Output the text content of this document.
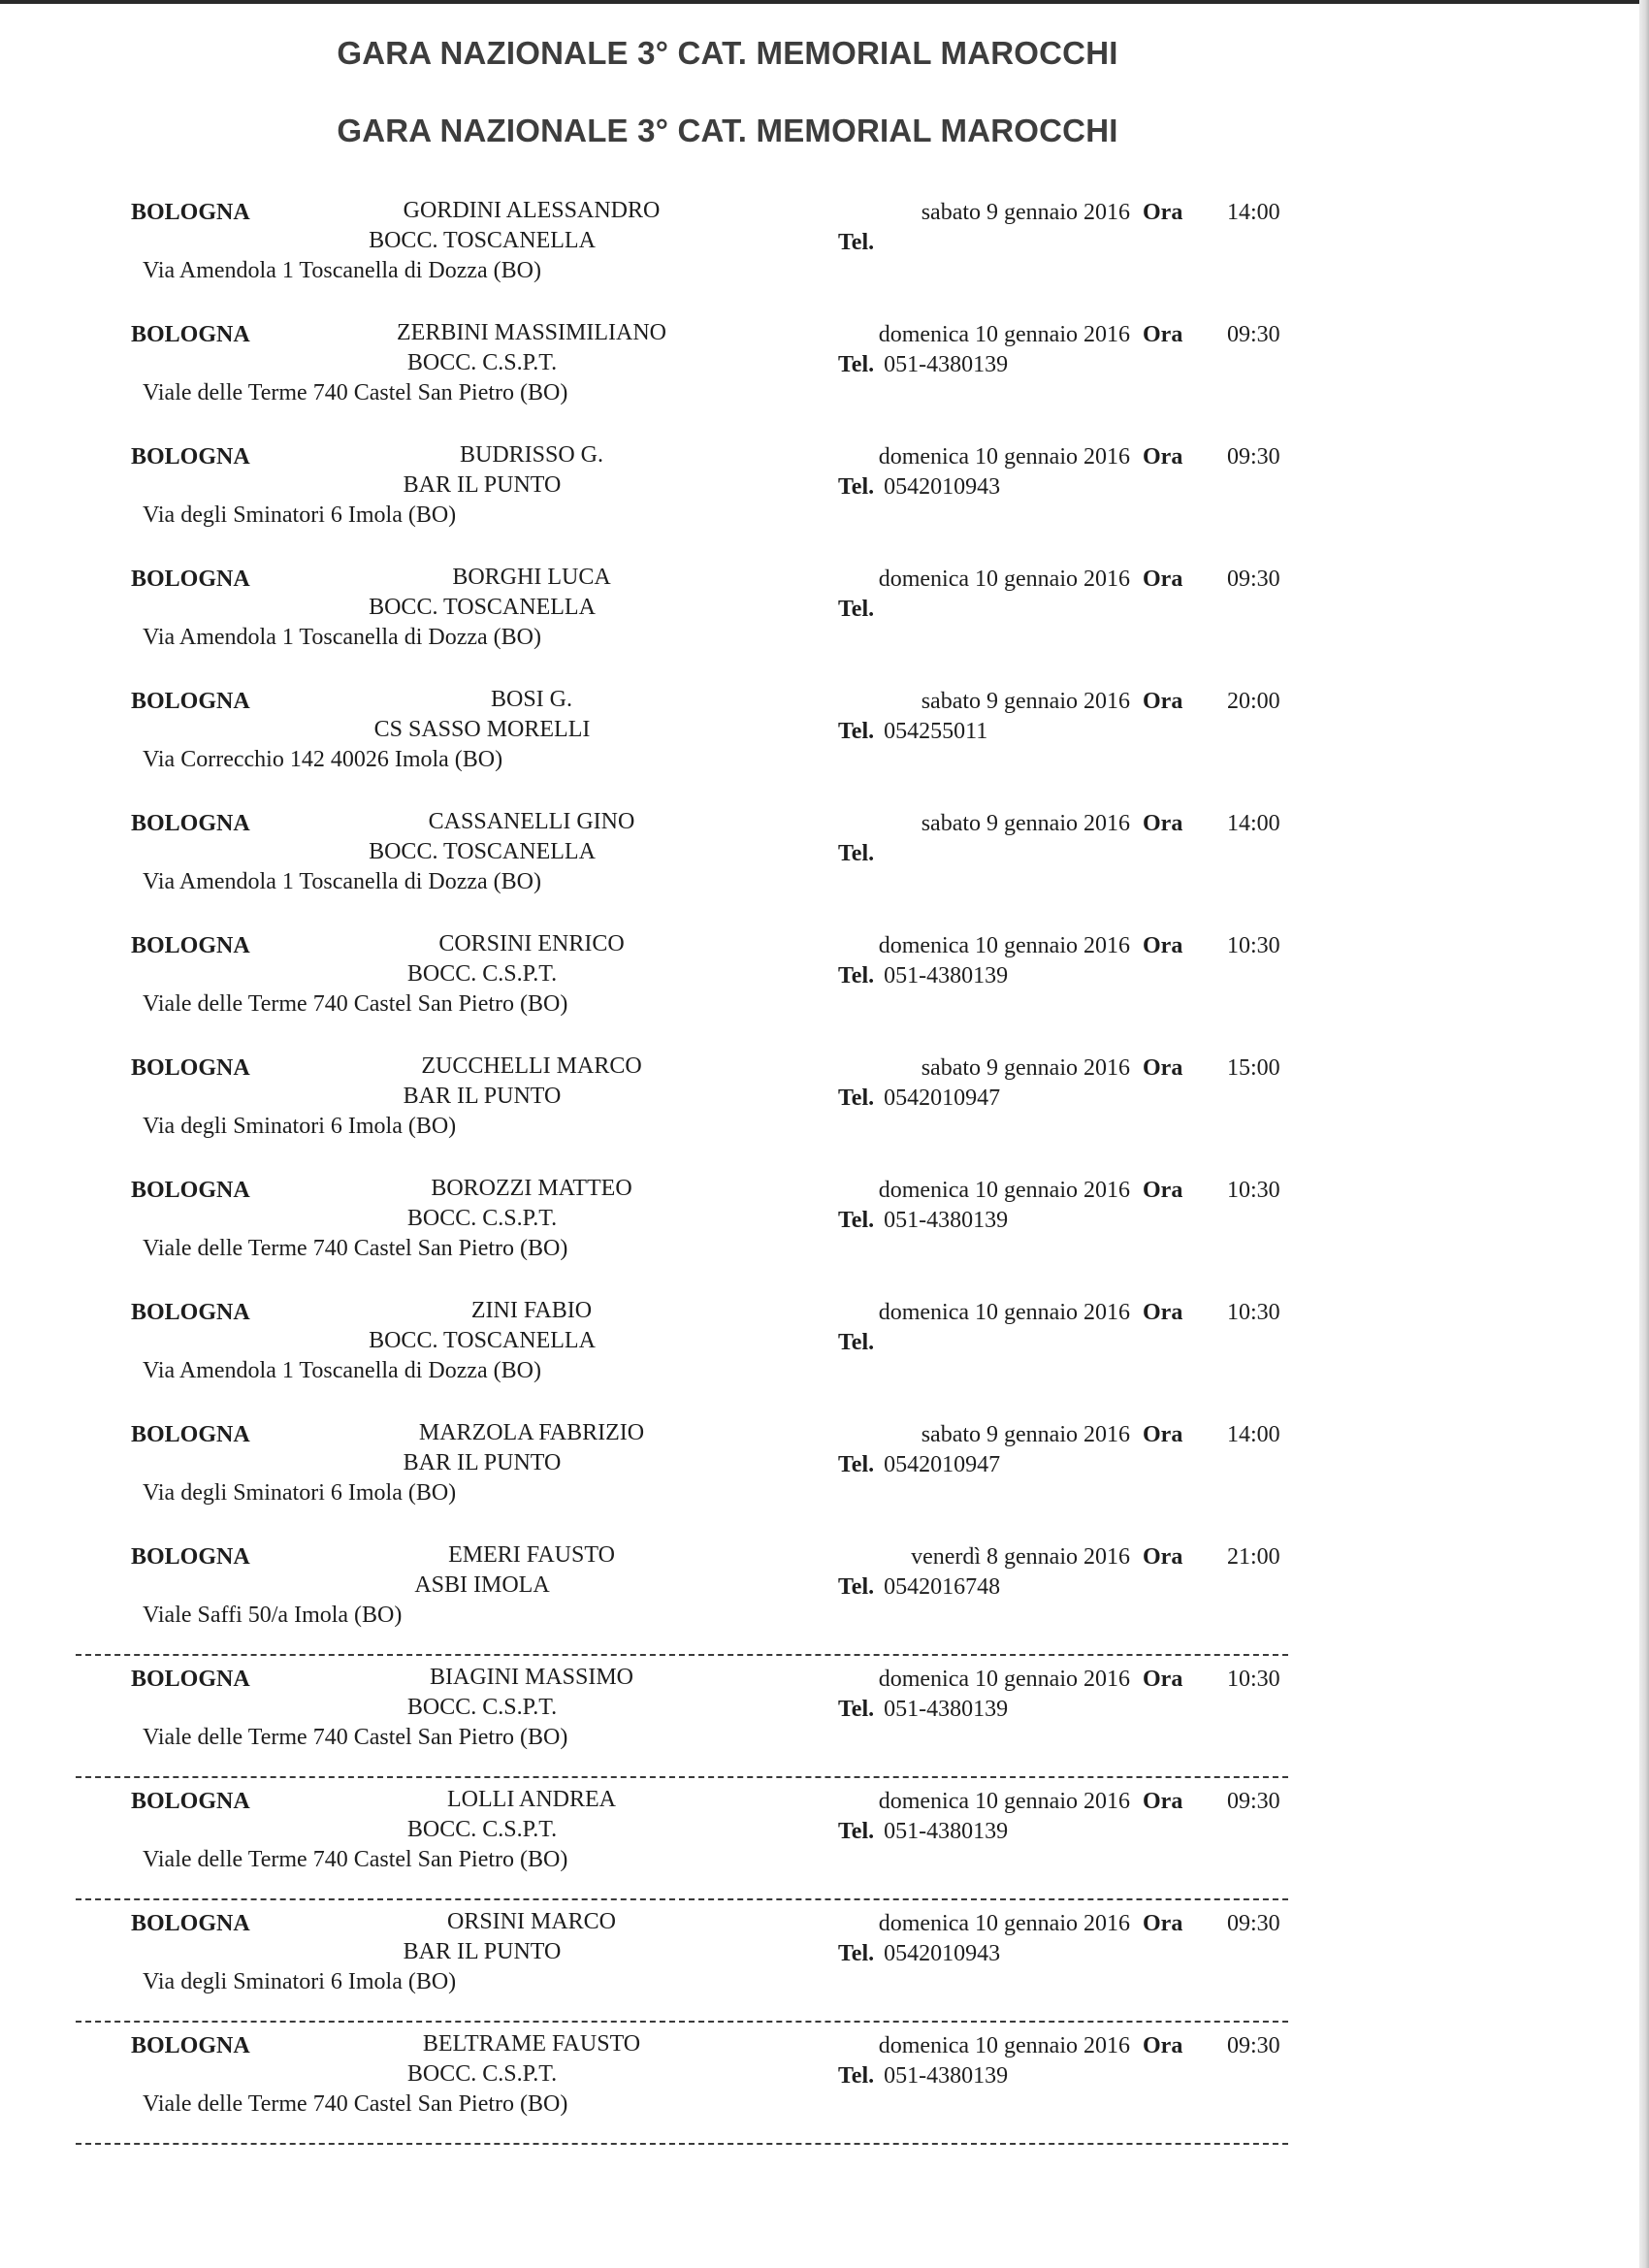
GARA NAZIONALE 3° CAT. MEMORIAL MAROCCHI
GARA NAZIONALE 3° CAT. MEMORIAL MAROCCHI
BOLOGNA	GORDINI ALESSANDRO
BOCC. TOSCANELLA
Via Amendola 1 Toscanella di Dozza (BO)
sabato 9 gennaio 2016 Ora 14:00
Tel.
BOLOGNA	ZERBINI MASSIMILIANO
BOCC. C.S.P.T.
Viale delle Terme 740 Castel San Pietro (BO)
domenica 10 gennaio 2016 Ora 09:30
Tel. 051-4380139
BOLOGNA	BUDRISSO G.
BAR IL PUNTO
Via degli Sminatori 6 Imola (BO)
domenica 10 gennaio 2016 Ora 09:30
Tel. 0542010943
BOLOGNA	BORGHI LUCA
BOCC. TOSCANELLA
Via Amendola 1 Toscanella di Dozza (BO)
domenica 10 gennaio 2016 Ora 09:30
Tel.
BOLOGNA	BOSI G.
CS SASSO MORELLI
Via Correcchio 142 40026 Imola (BO)
sabato 9 gennaio 2016 Ora 20:00
Tel. 054255011
BOLOGNA	CASSANELLI GINO
BOCC. TOSCANELLA
Via Amendola 1 Toscanella di Dozza (BO)
sabato 9 gennaio 2016 Ora 14:00
Tel.
BOLOGNA	CORSINI ENRICO
BOCC. C.S.P.T.
Viale delle Terme 740 Castel San Pietro (BO)
domenica 10 gennaio 2016 Ora 10:30
Tel. 051-4380139
BOLOGNA	ZUCCHELLI MARCO
BAR IL PUNTO
Via degli Sminatori 6 Imola (BO)
sabato 9 gennaio 2016 Ora 15:00
Tel. 0542010947
BOLOGNA	BOROZZI MATTEO
BOCC. C.S.P.T.
Viale delle Terme 740 Castel San Pietro (BO)
domenica 10 gennaio 2016 Ora 10:30
Tel. 051-4380139
BOLOGNA	ZINI FABIO
BOCC. TOSCANELLA
Via Amendola 1 Toscanella di Dozza (BO)
domenica 10 gennaio 2016 Ora 10:30
Tel.
BOLOGNA	MARZOLA FABRIZIO
BAR IL PUNTO
Via degli Sminatori 6 Imola (BO)
sabato 9 gennaio 2016 Ora 14:00
Tel. 0542010947
BOLOGNA	EMERI FAUSTO
ASBI IMOLA
Viale Saffi 50/a Imola (BO)
venerdì 8 gennaio 2016 Ora 21:00
Tel. 0542016748
BOLOGNA	BIAGINI MASSIMO
BOCC. C.S.P.T.
Viale delle Terme 740 Castel San Pietro (BO)
domenica 10 gennaio 2016 Ora 10:30
Tel. 051-4380139
BOLOGNA	LOLLI ANDREA
BOCC. C.S.P.T.
Viale delle Terme 740 Castel San Pietro (BO)
domenica 10 gennaio 2016 Ora 09:30
Tel. 051-4380139
BOLOGNA	ORSINI MARCO
BAR IL PUNTO
Via degli Sminatori 6 Imola (BO)
domenica 10 gennaio 2016 Ora 09:30
Tel. 0542010943
BOLOGNA	BELTRAME FAUSTO
BOCC. C.S.P.T.
Viale delle Terme 740 Castel San Pietro (BO)
domenica 10 gennaio 2016 Ora 09:30
Tel. 051-4380139
